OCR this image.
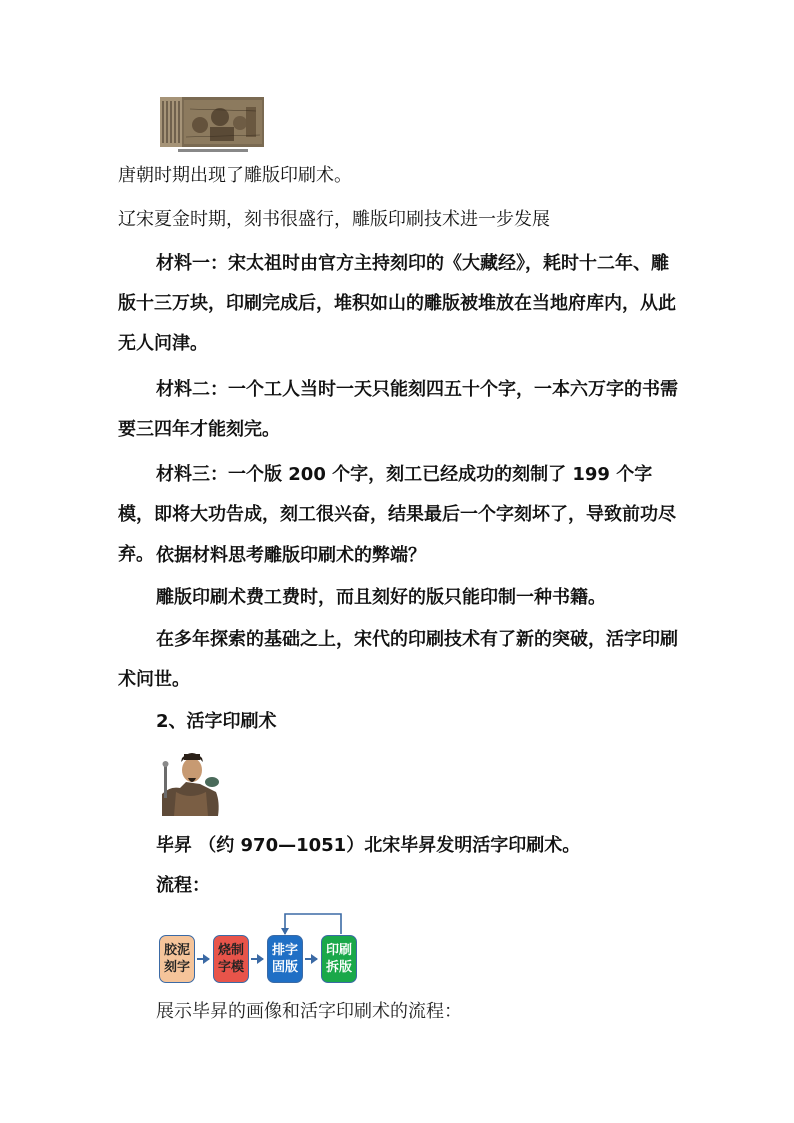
唐朝时期出现了雕版印刷术。

辽宋夏金时期，刻书很盛行，雕版印刷技术进一步发展

材料一：宋太祖时由官方主持刻印的《大藏经》，耗时十二年、雕版十三万块，印刷完成后，堆积如山的雕版被堆放在当地府库内，从此无人问津。

材料二：一个工人当时一天只能刻四五十个字，一本六万字的书需要三四年才能刻完。

材料三：一个版 200 个字，刻工已经成功的刻制了 199 个字模，即将大功告成，刻工很兴奋，结果最后一个字刻坏了，导致前功尽弃。 依据材料思考雕版印刷术的弊端？

雕版印刷术费工费时，而且刻好的版只能印制一种书籍。

在多年探索的基础之上，宋代的印刷技术有了新的突破，活字印刷术问世。

2、活字印刷术

毕昇 （约 970—1051）北宋毕昇发明活字印刷术。

流程：

胶泥刻字
烧制字模
排字固版
印刷拆版

展示毕昇的画像和活字印刷术的流程：
